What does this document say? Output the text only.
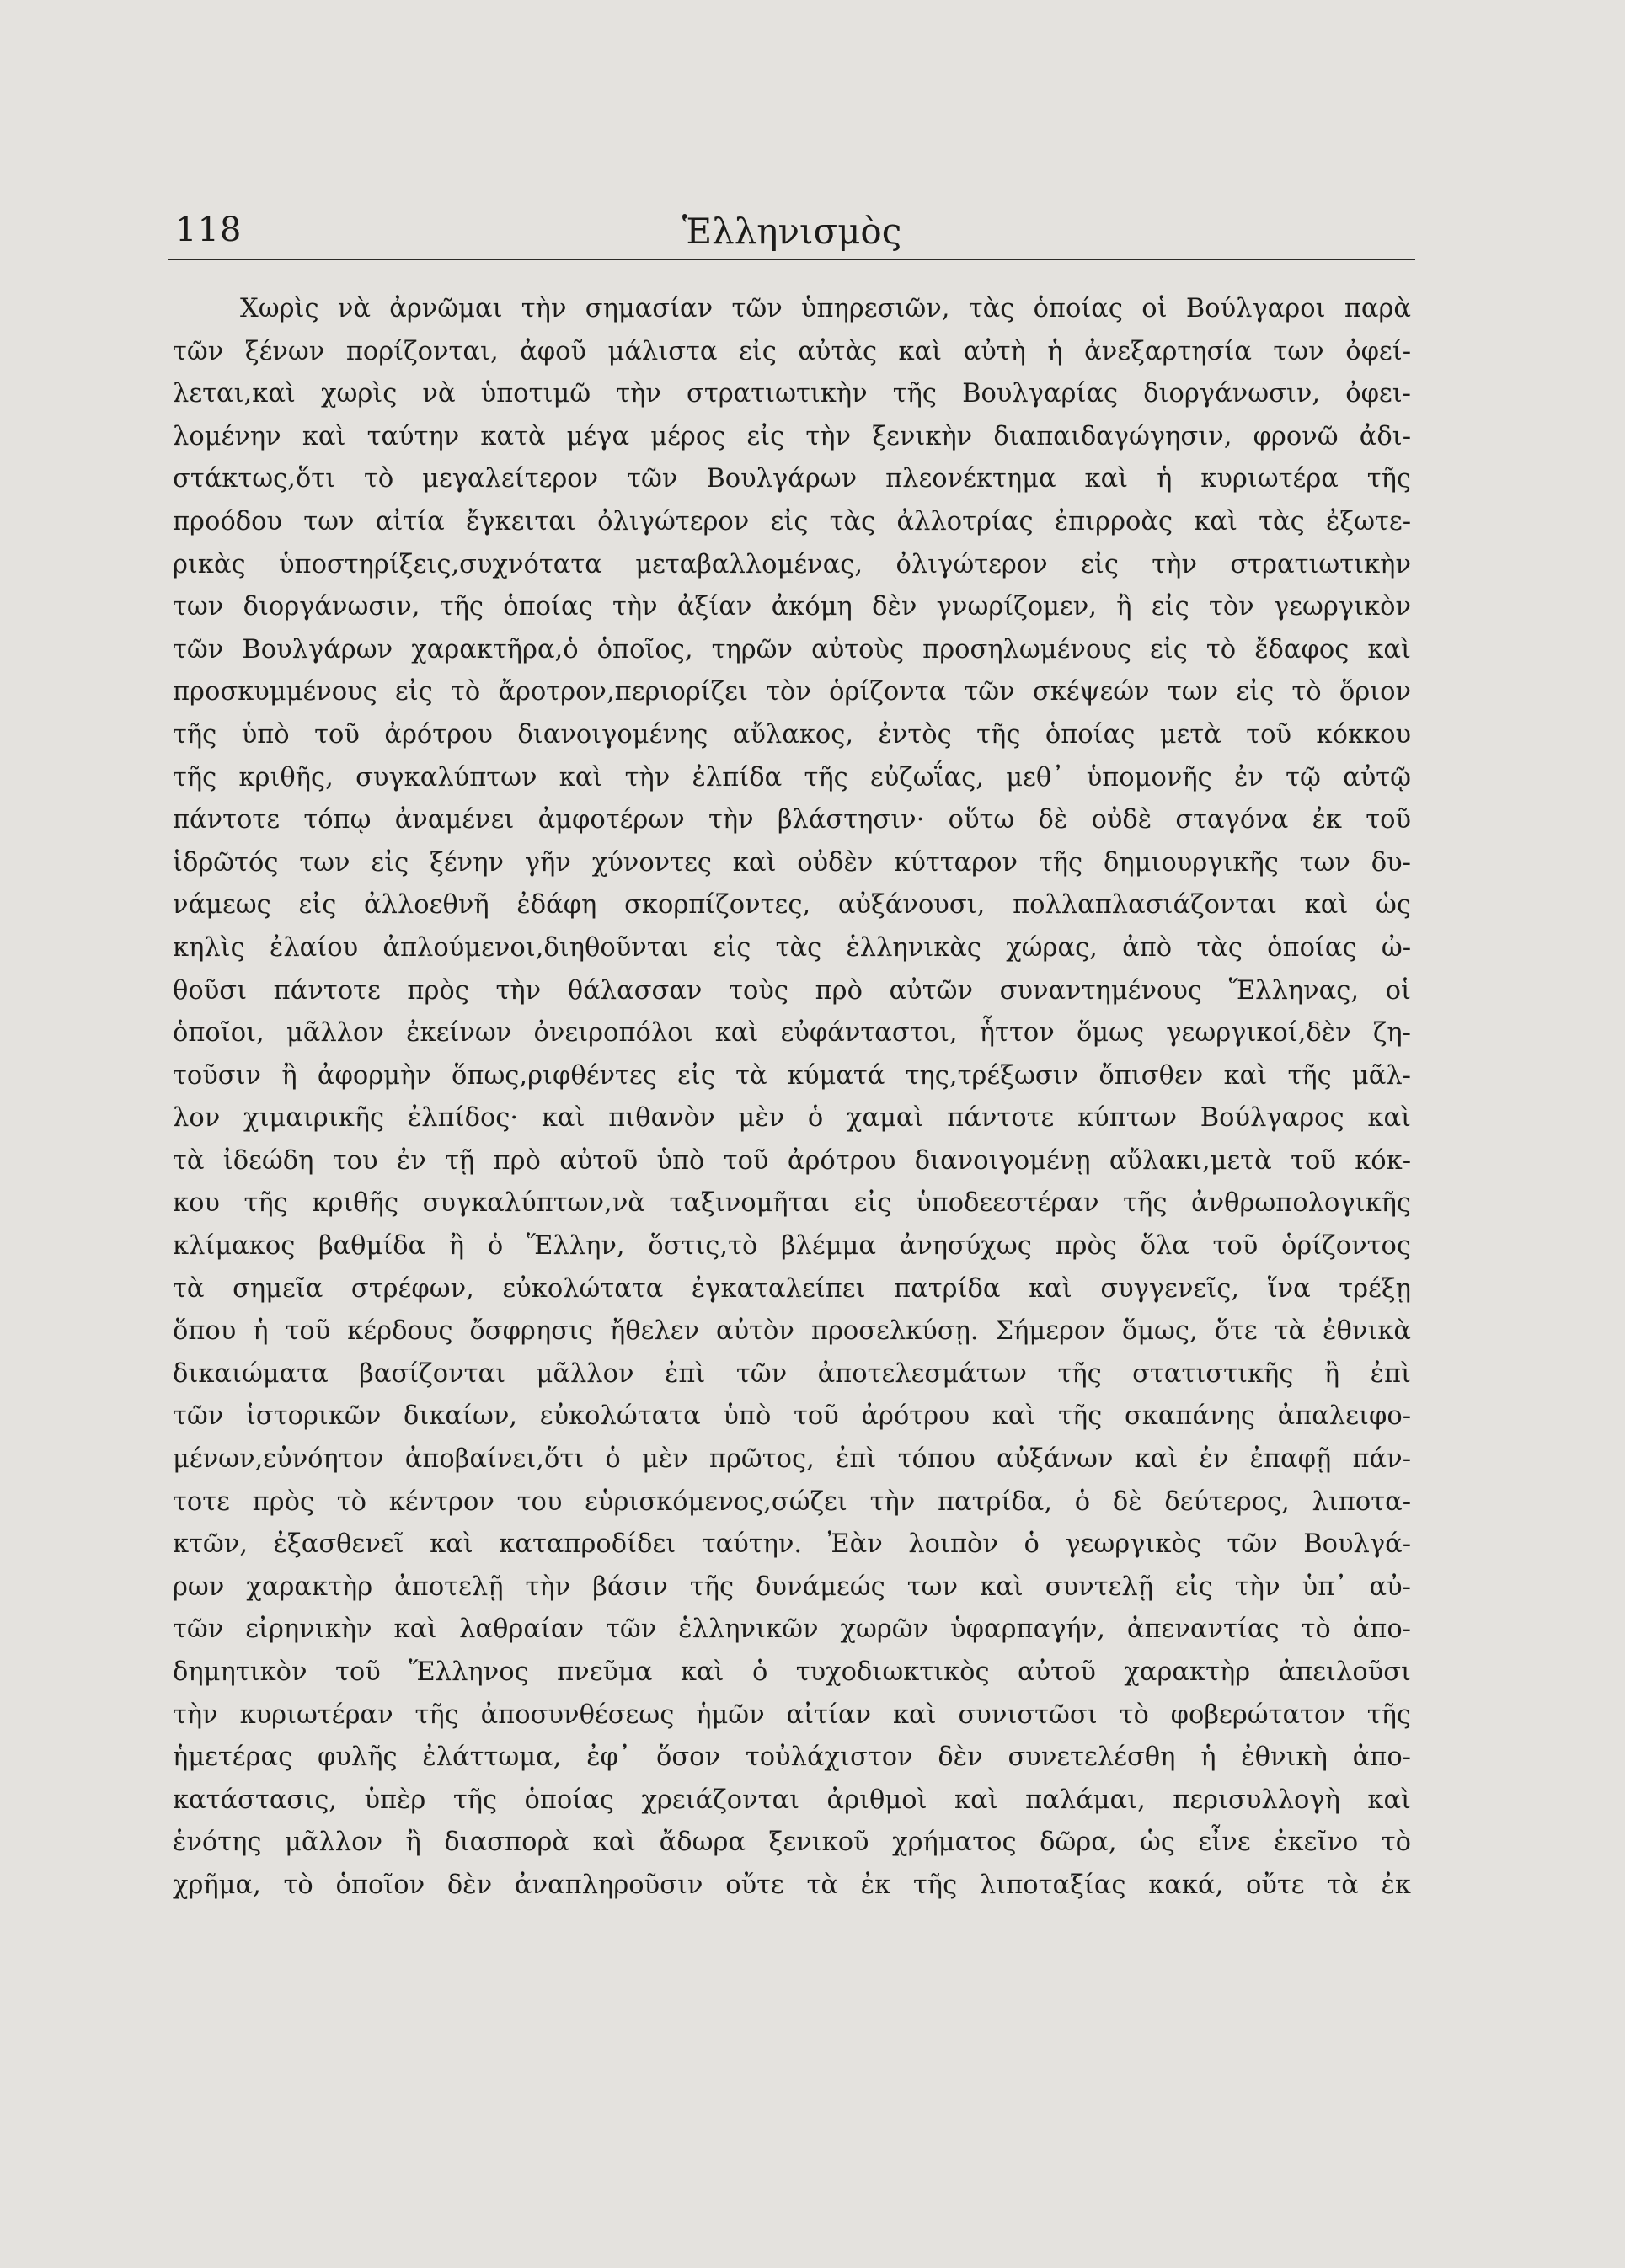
118	Ἑλληνισμὸς
Χωρὶς νὰ ἀρνῶμαι τὴν σημασίαν τῶν ὑπηρεσιῶν, τὰς ὁποίας οἱ Βούλγαροι παρὰ
τῶν ξένων πορίζονται, ἀφοῦ μάλιστα εἰς αὐτὰς καὶ αὐτὴ ἡ ἀνεξαρτησία των ὀφεί-
λεται,καὶ χωρὶς νὰ ὑποτιμῶ τὴν στρατιωτικὴν τῆς Βουλγαρίας διοργάνωσιν, ὀφει-
λομένην καὶ ταύτην κατὰ μέγα μέρος εἰς τὴν ξενικὴν διαπαιδαγώγησιν, φρονῶ ἀδι-
στάκτως,ὅτι τὸ μεγαλείτερον τῶν Βουλγάρων πλεονέκτημα καὶ ἡ κυριωτέρα τῆς
προόδου των αἰτία ἔγκειται ὀλιγώτερον εἰς τὰς ἀλλοτρίας ἐπιρροὰς καὶ τὰς ἐξωτε-
ρικὰς ὑποστηρίξεις,συχνότατα μεταβαλλομένας, ὀλιγώτερον εἰς τὴν στρατιωτικὴν
των διοργάνωσιν, τῆς ὁποίας τὴν ἀξίαν ἀκόμη δὲν γνωρίζομεν, ἢ εἰς τὸν γεωργικὸν
τῶν Βουλγάρων χαρακτῆρα,ὁ ὁποῖος, τηρῶν αὐτοὺς προσηλωμένους εἰς τὸ ἔδαφος καὶ
προσκυμμένους εἰς τὸ ἄροτρον,περιορίζει τὸν ὁρίζοντα τῶν σκέψεών των εἰς τὸ ὅριον
τῆς ὑπὸ τοῦ ἀρότρου διανοιγομένης αὔλακος, ἐντὸς τῆς ὁποίας μετὰ τοῦ κόκκου
τῆς κριθῆς, συγκαλύπτων καὶ τὴν ἐλπίδα τῆς εὐζωΐας, μεθ᾽ ὑπομονῆς ἐν τῷ αὐτῷ
πάντοτε τόπῳ ἀναμένει ἀμφοτέρων τὴν βλάστησιν· οὕτω δὲ οὐδὲ σταγόνα ἐκ τοῦ
ἱδρῶτός των εἰς ξένην γῆν χύνοντες καὶ οὐδὲν κύτταρον τῆς δημιουργικῆς των δυ-
νάμεως εἰς ἀλλοεθνῆ ἐδάφη σκορπίζοντες, αὐξάνουσι, πολλαπλασιάζονται καὶ ὡς
κηλὶς ἐλαίου ἀπλούμενοι,διηθοῦνται εἰς τὰς ἑλληνικὰς χώρας, ἀπὸ τὰς ὁποίας ὠ-
θοῦσι πάντοτε πρὸς τὴν θάλασσαν τοὺς πρὸ αὐτῶν συναντημένους Ἕλληνας, οἱ
ὁποῖοι, μᾶλλον ἐκείνων ὀνειροπόλοι καὶ εὐφάνταστοι, ἧττον ὅμως γεωργικοί,δὲν ζη-
τοῦσιν ἢ ἀφορμὴν ὅπως,ριφθέντες εἰς τὰ κύματά της,τρέξωσιν ὄπισθεν καὶ τῆς μᾶλ-
λον χιμαιρικῆς ἐλπίδος· καὶ πιθανὸν μὲν ὁ χαμαὶ πάντοτε κύπτων Βούλγαρος καὶ
τὰ ἰδεώδη του ἐν τῇ πρὸ αὐτοῦ ὑπὸ τοῦ ἀρότρου διανοιγομένῃ αὔλακι,μετὰ τοῦ κόκ-
κου τῆς κριθῆς συγκαλύπτων,νὰ ταξινομῆται εἰς ὑποδεεστέραν τῆς ἀνθρωπολογικῆς
κλίμακος βαθμίδα ἢ ὁ Ἕλλην, ὅστις,τὸ βλέμμα ἀνησύχως πρὸς ὅλα τοῦ ὁρίζοντος
τὰ σημεῖα στρέφων, εὐκολώτατα ἐγκαταλείπει πατρίδα καὶ συγγενεῖς, ἵνα τρέξῃ
ὅπου ἡ τοῦ κέρδους ὄσφρησις ἤθελεν αὐτὸν προσελκύσῃ. Σήμερον ὅμως, ὅτε τὰ ἐθνικὰ
δικαιώματα βασίζονται μᾶλλον ἐπὶ τῶν ἀποτελεσμάτων τῆς στατιστικῆς ἢ ἐπὶ
τῶν ἱστορικῶν δικαίων, εὐκολώτατα ὑπὸ τοῦ ἀρότρου καὶ τῆς σκαπάνης ἀπαλειφο-
μένων,εὐνόητον ἀποβαίνει,ὅτι ὁ μὲν πρῶτος, ἐπὶ τόπου αὐξάνων καὶ ἐν ἐπαφῇ πάν-
τοτε πρὸς τὸ κέντρον του εὑρισκόμενος,σώζει τὴν πατρίδα, ὁ δὲ δεύτερος, λιποτα-
κτῶν, ἐξασθενεῖ καὶ καταπροδίδει ταύτην. Ἐὰν λοιπὸν ὁ γεωργικὸς τῶν Βουλγά-
ρων χαρακτὴρ ἀποτελῇ τὴν βάσιν τῆς δυνάμεώς των καὶ συντελῇ εἰς τὴν ὑπ᾽ αὐ-
τῶν εἰρηνικὴν καὶ λαθραίαν τῶν ἑλληνικῶν χωρῶν ὑφαρπαγήν, ἀπεναντίας τὸ ἀπο-
δημητικὸν τοῦ Ἕλληνος πνεῦμα καὶ ὁ τυχοδιωκτικὸς αὐτοῦ χαρακτὴρ ἀπειλοῦσι
τὴν κυριωτέραν τῆς ἀποσυνθέσεως ἡμῶν αἰτίαν καὶ συνιστῶσι τὸ φοβερώτατον τῆς
ἡμετέρας φυλῆς ἐλάττωμα, ἐφ᾽ ὅσον τοὐλάχιστον δὲν συνετελέσθη ἡ ἐθνικὴ ἀπο-
κατάστασις, ὑπὲρ τῆς ὁποίας χρειάζονται ἀριθμοὶ καὶ παλάμαι, περισυλλογὴ καὶ
ἑνότης μᾶλλον ἢ διασπορὰ καὶ ἄδωρα ξενικοῦ χρήματος δῶρα, ὡς εἶνε ἐκεῖνο τὸ
χρῆμα, τὸ ὁποῖον δὲν ἀναπληροῦσιν οὔτε τὰ ἐκ τῆς λιποταξίας κακά, οὔτε τὰ ἐκ
